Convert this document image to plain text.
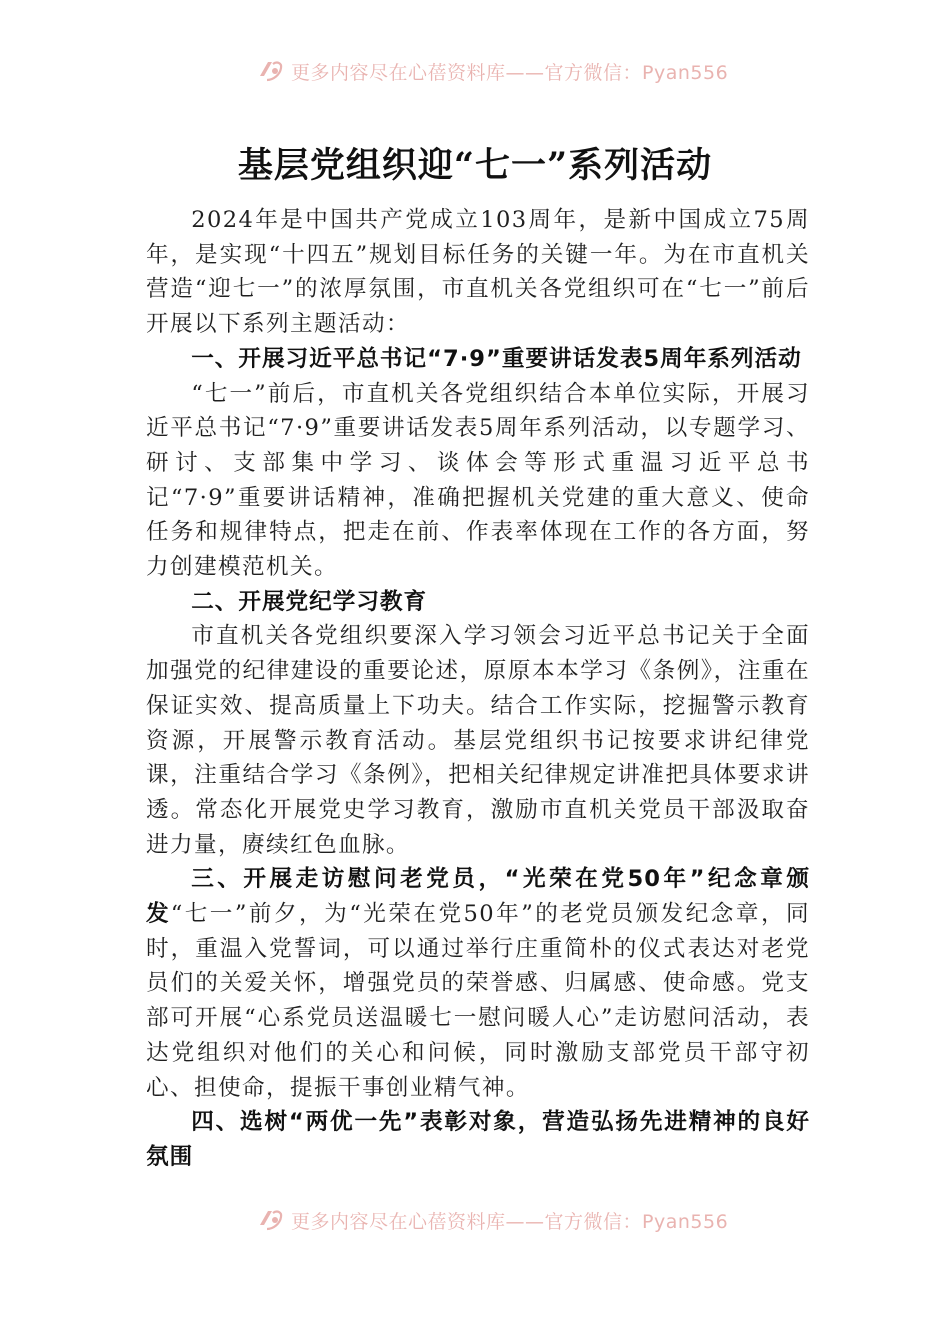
更多内容尽在心蓓资料库——官方微信：Pyan556
基层党组织迎“七一”系列活动

2024年是中国共产党成立103周年，是新中国成立75周年，是实现“十四五”规划目标任务的关键一年。为在市直机关营造“迎七一”的浓厚氛围，市直机关各党组织可在“七一”前后开展以下系列主题活动：

一、开展习近平总书记“7·9”重要讲话发表5周年系列活动

“七一”前后，市直机关各党组织结合本单位实际，开展习近平总书记“7·9”重要讲话发表5周年系列活动，以专题学习、研讨、支部集中学习、谈体会等形式重温习近平总书记“7·9”重要讲话精神，准确把握机关党建的重大意义、使命任务和规律特点，把走在前、作表率体现在工作的各方面，努力创建模范机关。

二、开展党纪学习教育

市直机关各党组织要深入学习领会习近平总书记关于全面加强党的纪律建设的重要论述，原原本本学习《条例》，注重在保证实效、提高质量上下功夫。结合工作实际，挖掘警示教育资源，开展警示教育活动。基层党组织书记按要求讲纪律党课，注重结合学习《条例》，把相关纪律规定讲准把具体要求讲透。常态化开展党史学习教育，激励市直机关党员干部汲取奋进力量，赓续红色血脉。

三、开展走访慰问老党员，“光荣在党50年”纪念章颁发“七一”前夕，为“光荣在党50年”的老党员颁发纪念章，同时，重温入党誓词，可以通过举行庄重简朴的仪式表达对老党员们的关爱关怀，增强党员的荣誉感、归属感、使命感。党支部可开展“心系党员送温暖七一慰问暖人心”走访慰问活动，表达党组织对他们的关心和问候，同时激励支部党员干部守初心、担使命，提振干事创业精气神。

四、选树“两优一先”表彰对象，营造弘扬先进精神的良好氛围

更多内容尽在心蓓资料库——官方微信：Pyan556
